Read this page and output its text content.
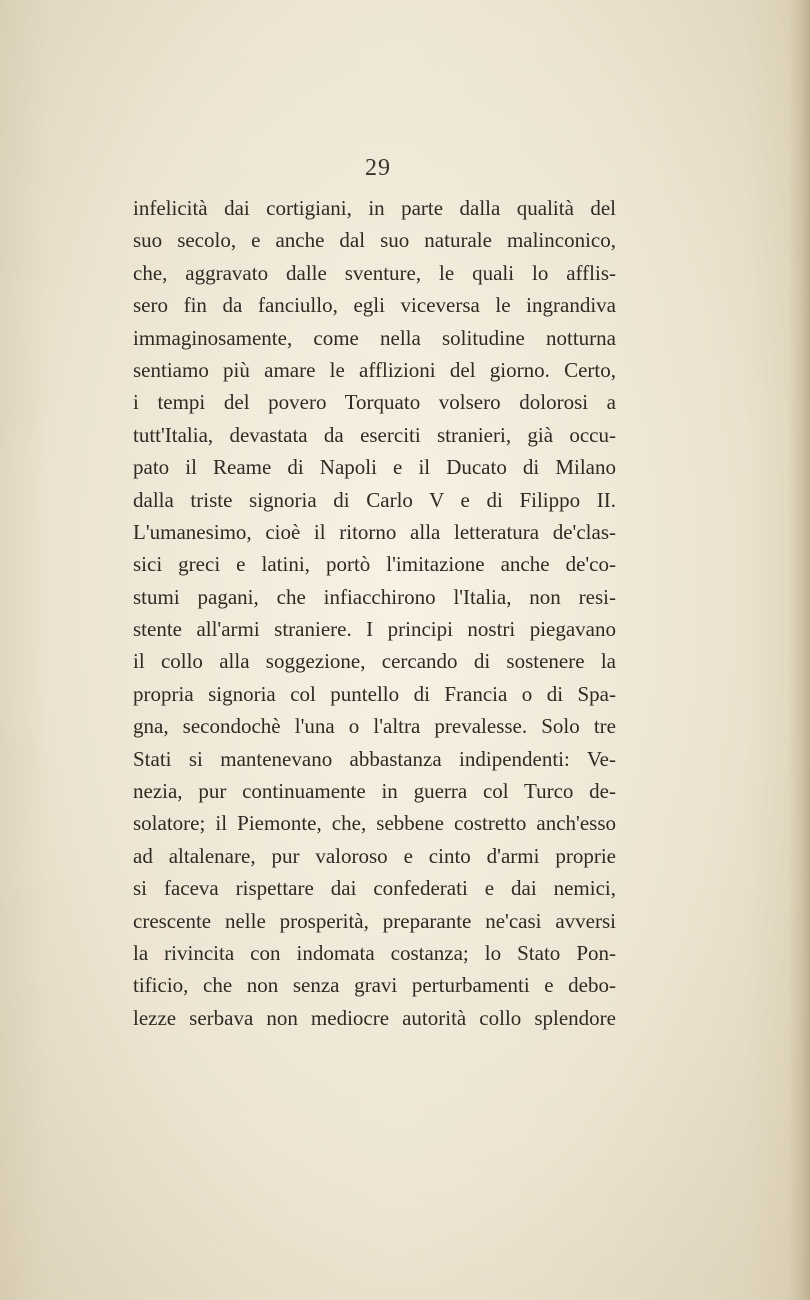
29
infelicità dai cortigiani, in parte dalla qualità del
suo secolo, e anche dal suo naturale malinconico,
che, aggravato dalle sventure, le quali lo afflis-
sero fin da fanciullo, egli viceversa le ingrandiva
immaginosamente, come nella solitudine notturna
sentiamo più amare le afflizioni del giorno. Certo,
i tempi del povero Torquato volsero dolorosi a
tutt'Italia, devastata da eserciti stranieri, già occu-
pato il Reame di Napoli e il Ducato di Milano
dalla triste signoria di Carlo V e di Filippo II.
L'umanesimo, cioè il ritorno alla letteratura de'clas-
sici greci e latini, portò l'imitazione anche de'co-
stumi pagani, che infiacchirono l'Italia, non resi-
stente all'armi straniere. I principi nostri piegavano
il collo alla soggezione, cercando di sostenere la
propria signoria col puntello di Francia o di Spa-
gna, secondochè l'una o l'altra prevalesse. Solo tre
Stati si mantenevano abbastanza indipendenti: Ve-
nezia, pur continuamente in guerra col Turco de-
solatore; il Piemonte, che, sebbene costretto anch'esso
ad altalenare, pur valoroso e cinto d'armi proprie
si faceva rispettare dai confederati e dai nemici,
crescente nelle prosperità, preparante ne'casi avversi
la rivincita con indomata costanza; lo Stato Pon-
tificio, che non senza gravi perturbamenti e debo-
lezze serbava non mediocre autorità collo splendore
